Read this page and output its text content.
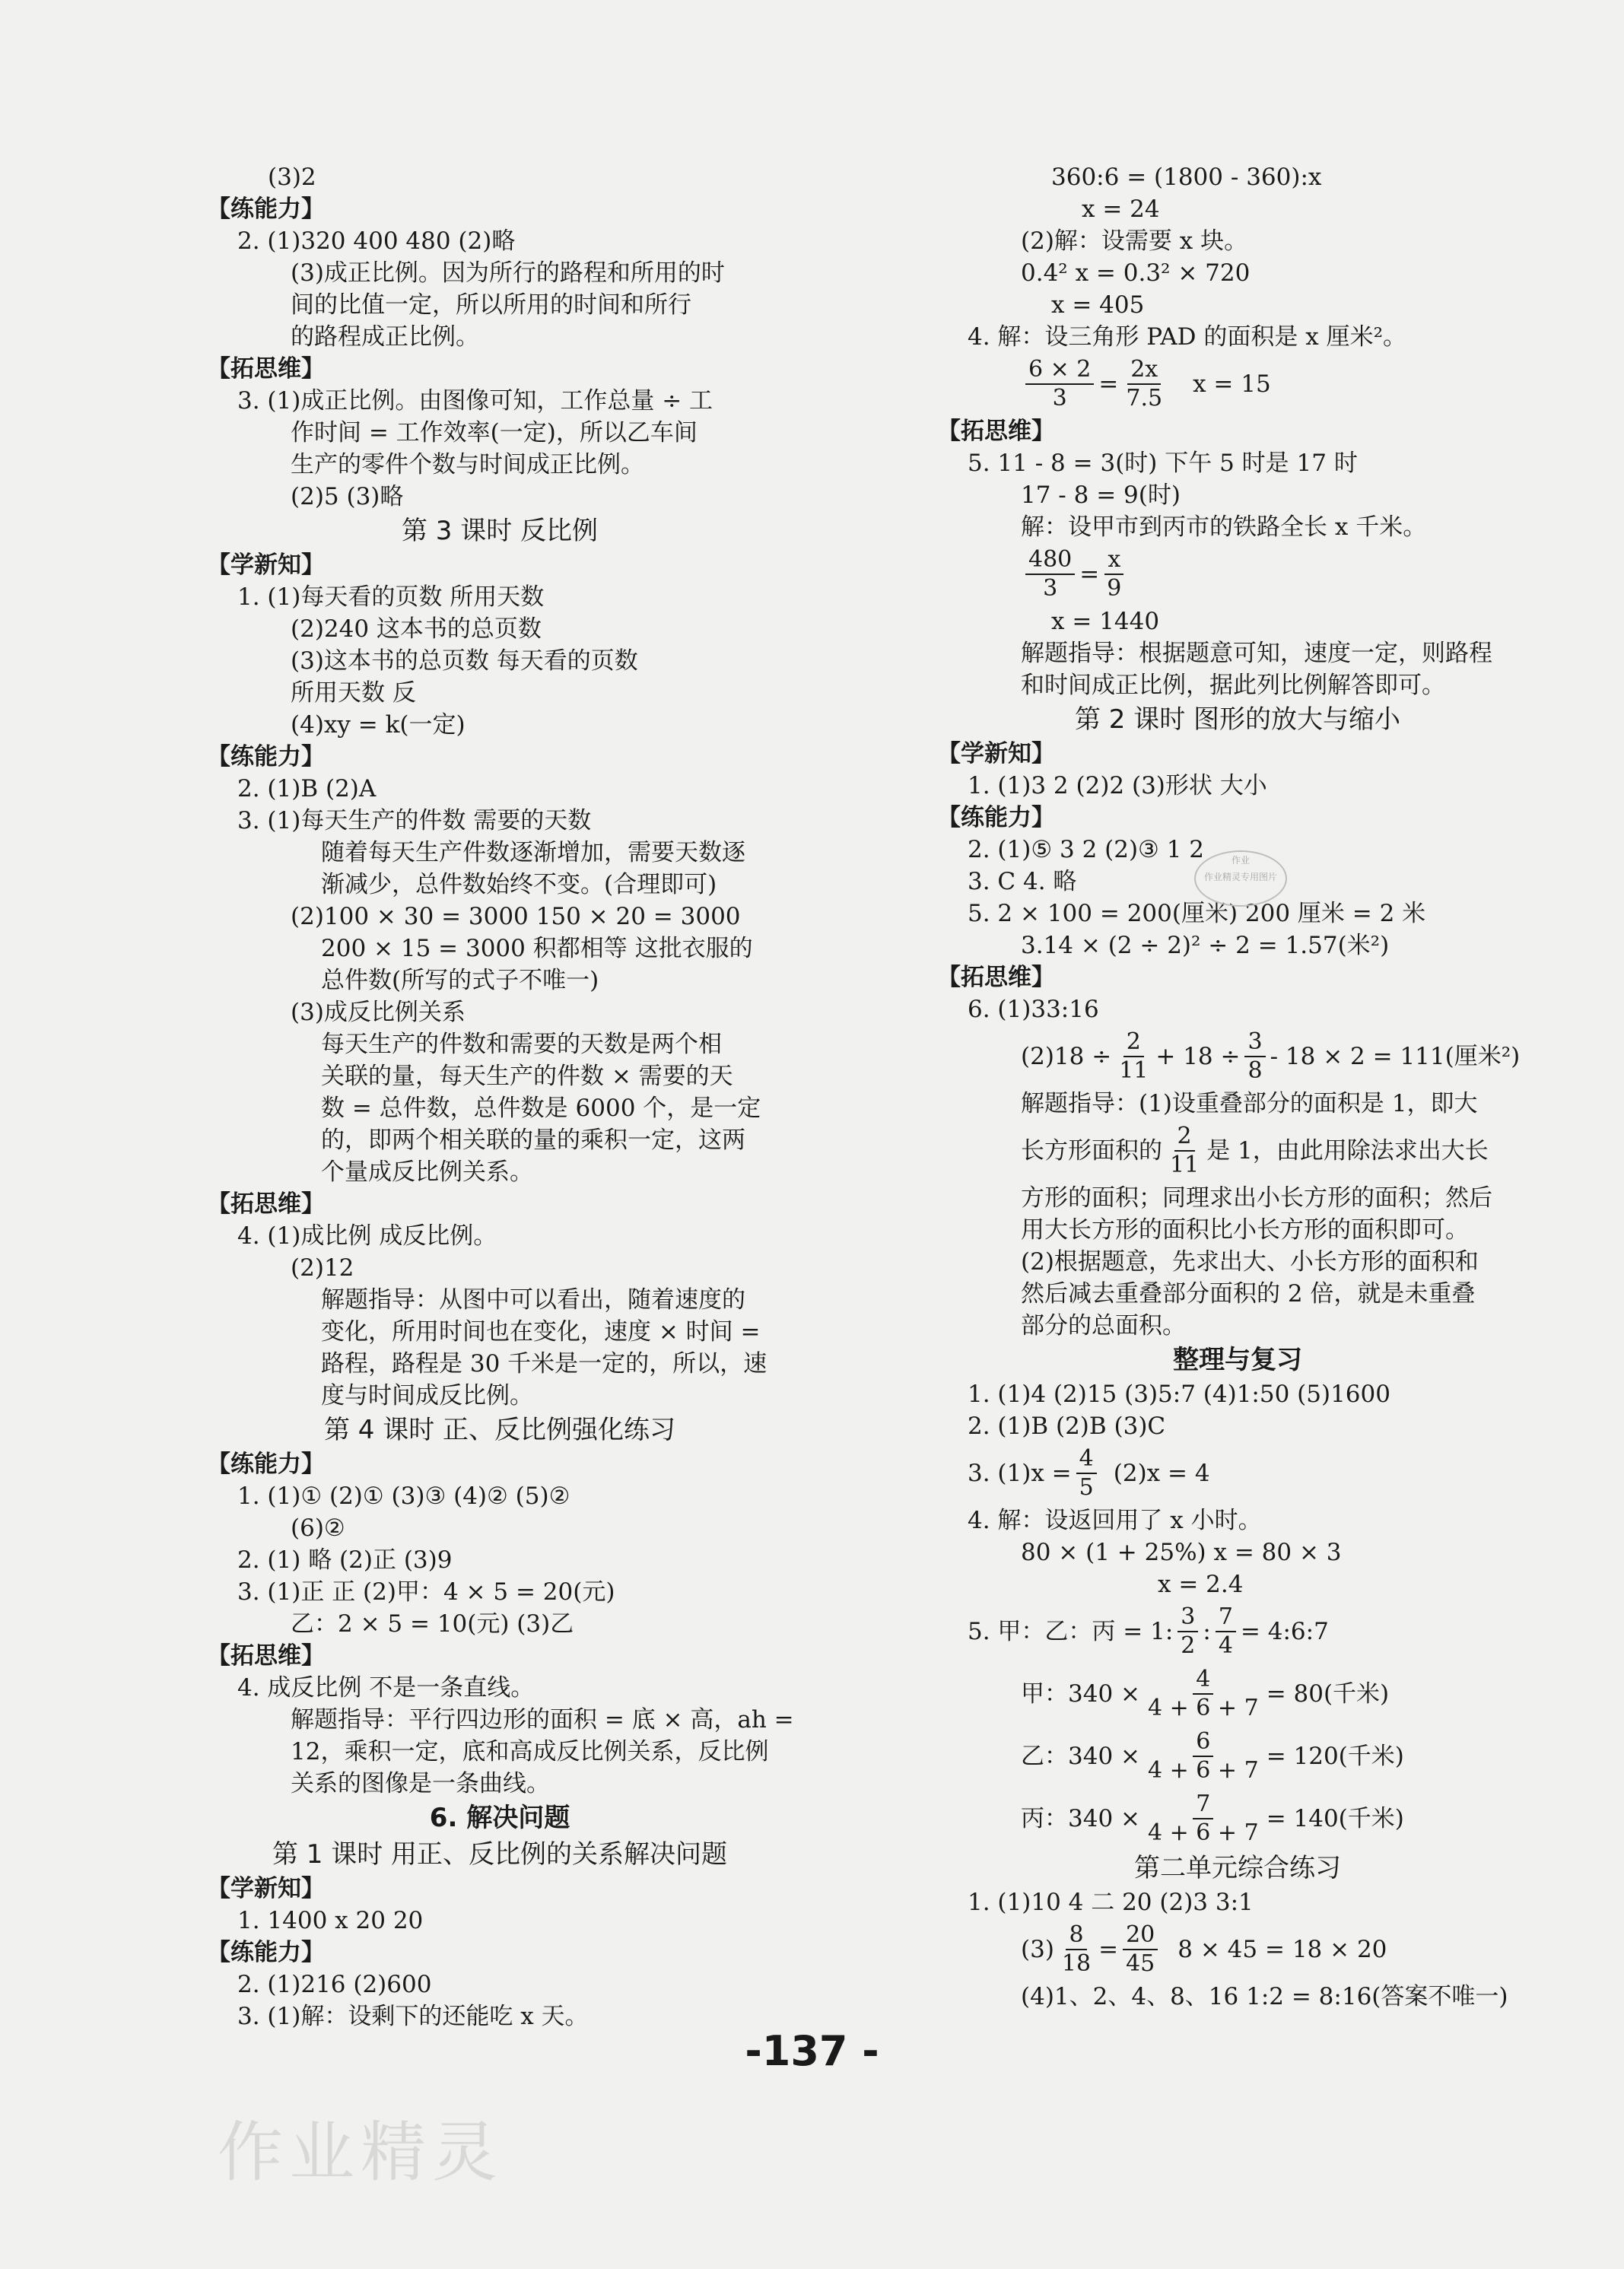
(3)2
【练能力】
2. (1)320 400 480 (2)略
(3)成正比例。因为所行的路程和所用的时
间的比值一定，所以所用的时间和所行
的路程成正比例。
【拓思维】
3. (1)成正比例。由图像可知，工作总量 ÷ 工
作时间 = 工作效率(一定)，所以乙车间
生产的零件个数与时间成正比例。
(2)5 (3)略
第 3 课时 反比例
【学新知】
1. (1)每天看的页数 所用天数
(2)240 这本书的总页数
(3)这本书的总页数 每天看的页数
所用天数 反
(4)xy = k(一定)
【练能力】
2. (1)B (2)A
3. (1)每天生产的件数 需要的天数
随着每天生产件数逐渐增加，需要天数逐
渐减少，总件数始终不变。(合理即可)
(2)100 × 30 = 3000 150 × 20 = 3000
200 × 15 = 3000 积都相等 这批衣服的
总件数(所写的式子不唯一)
(3)成反比例关系
每天生产的件数和需要的天数是两个相
关联的量，每天生产的件数 × 需要的天
数 = 总件数，总件数是 6000 个，是一定
的，即两个相关联的量的乘积一定，这两
个量成反比例关系。
【拓思维】
4. (1)成比例 成反比例。
(2)12
解题指导：从图中可以看出，随着速度的
变化，所用时间也在变化，速度 × 时间 =
路程，路程是 30 千米是一定的，所以，速
度与时间成反比例。
第 4 课时 正、反比例强化练习
【练能力】
1. (1)① (2)① (3)③ (4)② (5)②
(6)②
2. (1) 略 (2)正 (3)9
3. (1)正 正 (2)甲：4 × 5 = 20(元)
乙：2 × 5 = 10(元) (3)乙
【拓思维】
4. 成反比例 不是一条直线。
解题指导：平行四边形的面积 = 底 × 高，ah =
12，乘积一定，底和高成反比例关系，反比例
关系的图像是一条曲线。
6. 解决问题
第 1 课时 用正、反比例的关系解决问题
【学新知】
1. 1400 x 20 20
【练能力】
2. (1)216 (2)600
3. (1)解：设剩下的还能吃 x 天。
360:6 = (1800 - 360):x
x = 24
(2)解：设需要 x 块。
0.4² x = 0.3² × 720
x = 405
4. 解：设三角形 PAD 的面积是 x 厘米²。
$\frac{6 \times 2}{3} = \frac{2x}{7.5}$ x = 15
【拓思维】
5. 11 - 8 = 3(时) 下午 5 时是 17 时
17 - 8 = 9(时)
解：设甲市到丙市的铁路全长 x 千米。
$\frac{480}{3} = \frac{x}{9}$
x = 1440
解题指导：根据题意可知，速度一定，则路程
和时间成正比例，据此列比例解答即可。
第 2 课时 图形的放大与缩小
【学新知】
1. (1)3 2 (2)2 (3)形状 大小
【练能力】
2. (1)⑤ 3 2 (2)③ 1 2
3. C 4. 略
5. 2 × 100 = 200(厘米) 200 厘米 = 2 米
3.14 × (2 ÷ 2)² ÷ 2 = 1.57(米²)
【拓思维】
6. (1)33:16
$(2)18 \div \frac{2}{11} + 18 \div \frac{3}{8} - 18 \times 2 = 111$(厘米²)
解题指导：(1)设重叠部分的面积是 1，即大
长方形面积的 $\frac{2}{11}$ 是 1，由此用除法求出大长
方形的面积；同理求出小长方形的面积；然后
用大长方形的面积比小长方形的面积即可。
(2)根据题意，先求出大、小长方形的面积和
然后减去重叠部分面积的 2 倍，就是未重叠
部分的总面积。
整理与复习
1. (1)4 (2)15 (3)5:7 (4)1:50 (5)1600
2. (1)B (2)B (3)C
3. $(1)x = \frac{4}{5} (2)x = 4$
4. 解：设返回用了 x 小时。
80 × (1 + 25%) x = 80 × 3
x = 2.4
5. 甲：乙：丙 = 1: $\frac{3}{2}$ : $\frac{7}{4}$ = 4:6:7
甲：$340 \times \frac{4}{4 + 6 + 7} = 80$(千米)
乙：$340 \times \frac{6}{4 + 6 + 7} = 120$(千米)
丙：$340 \times \frac{7}{4 + 6 + 7} = 140$(千米)
第二单元综合练习
1. (1)10 4 二 20 (2)3 3:1
$(3) \frac{8}{18} = \frac{20}{45} 8 \times 45 = 18 \times 20$
(4)1、2、4、8、16 1:2 = 8:16(答案不唯一)
作业
作业精灵专用图片
-137 -
作业精灵
